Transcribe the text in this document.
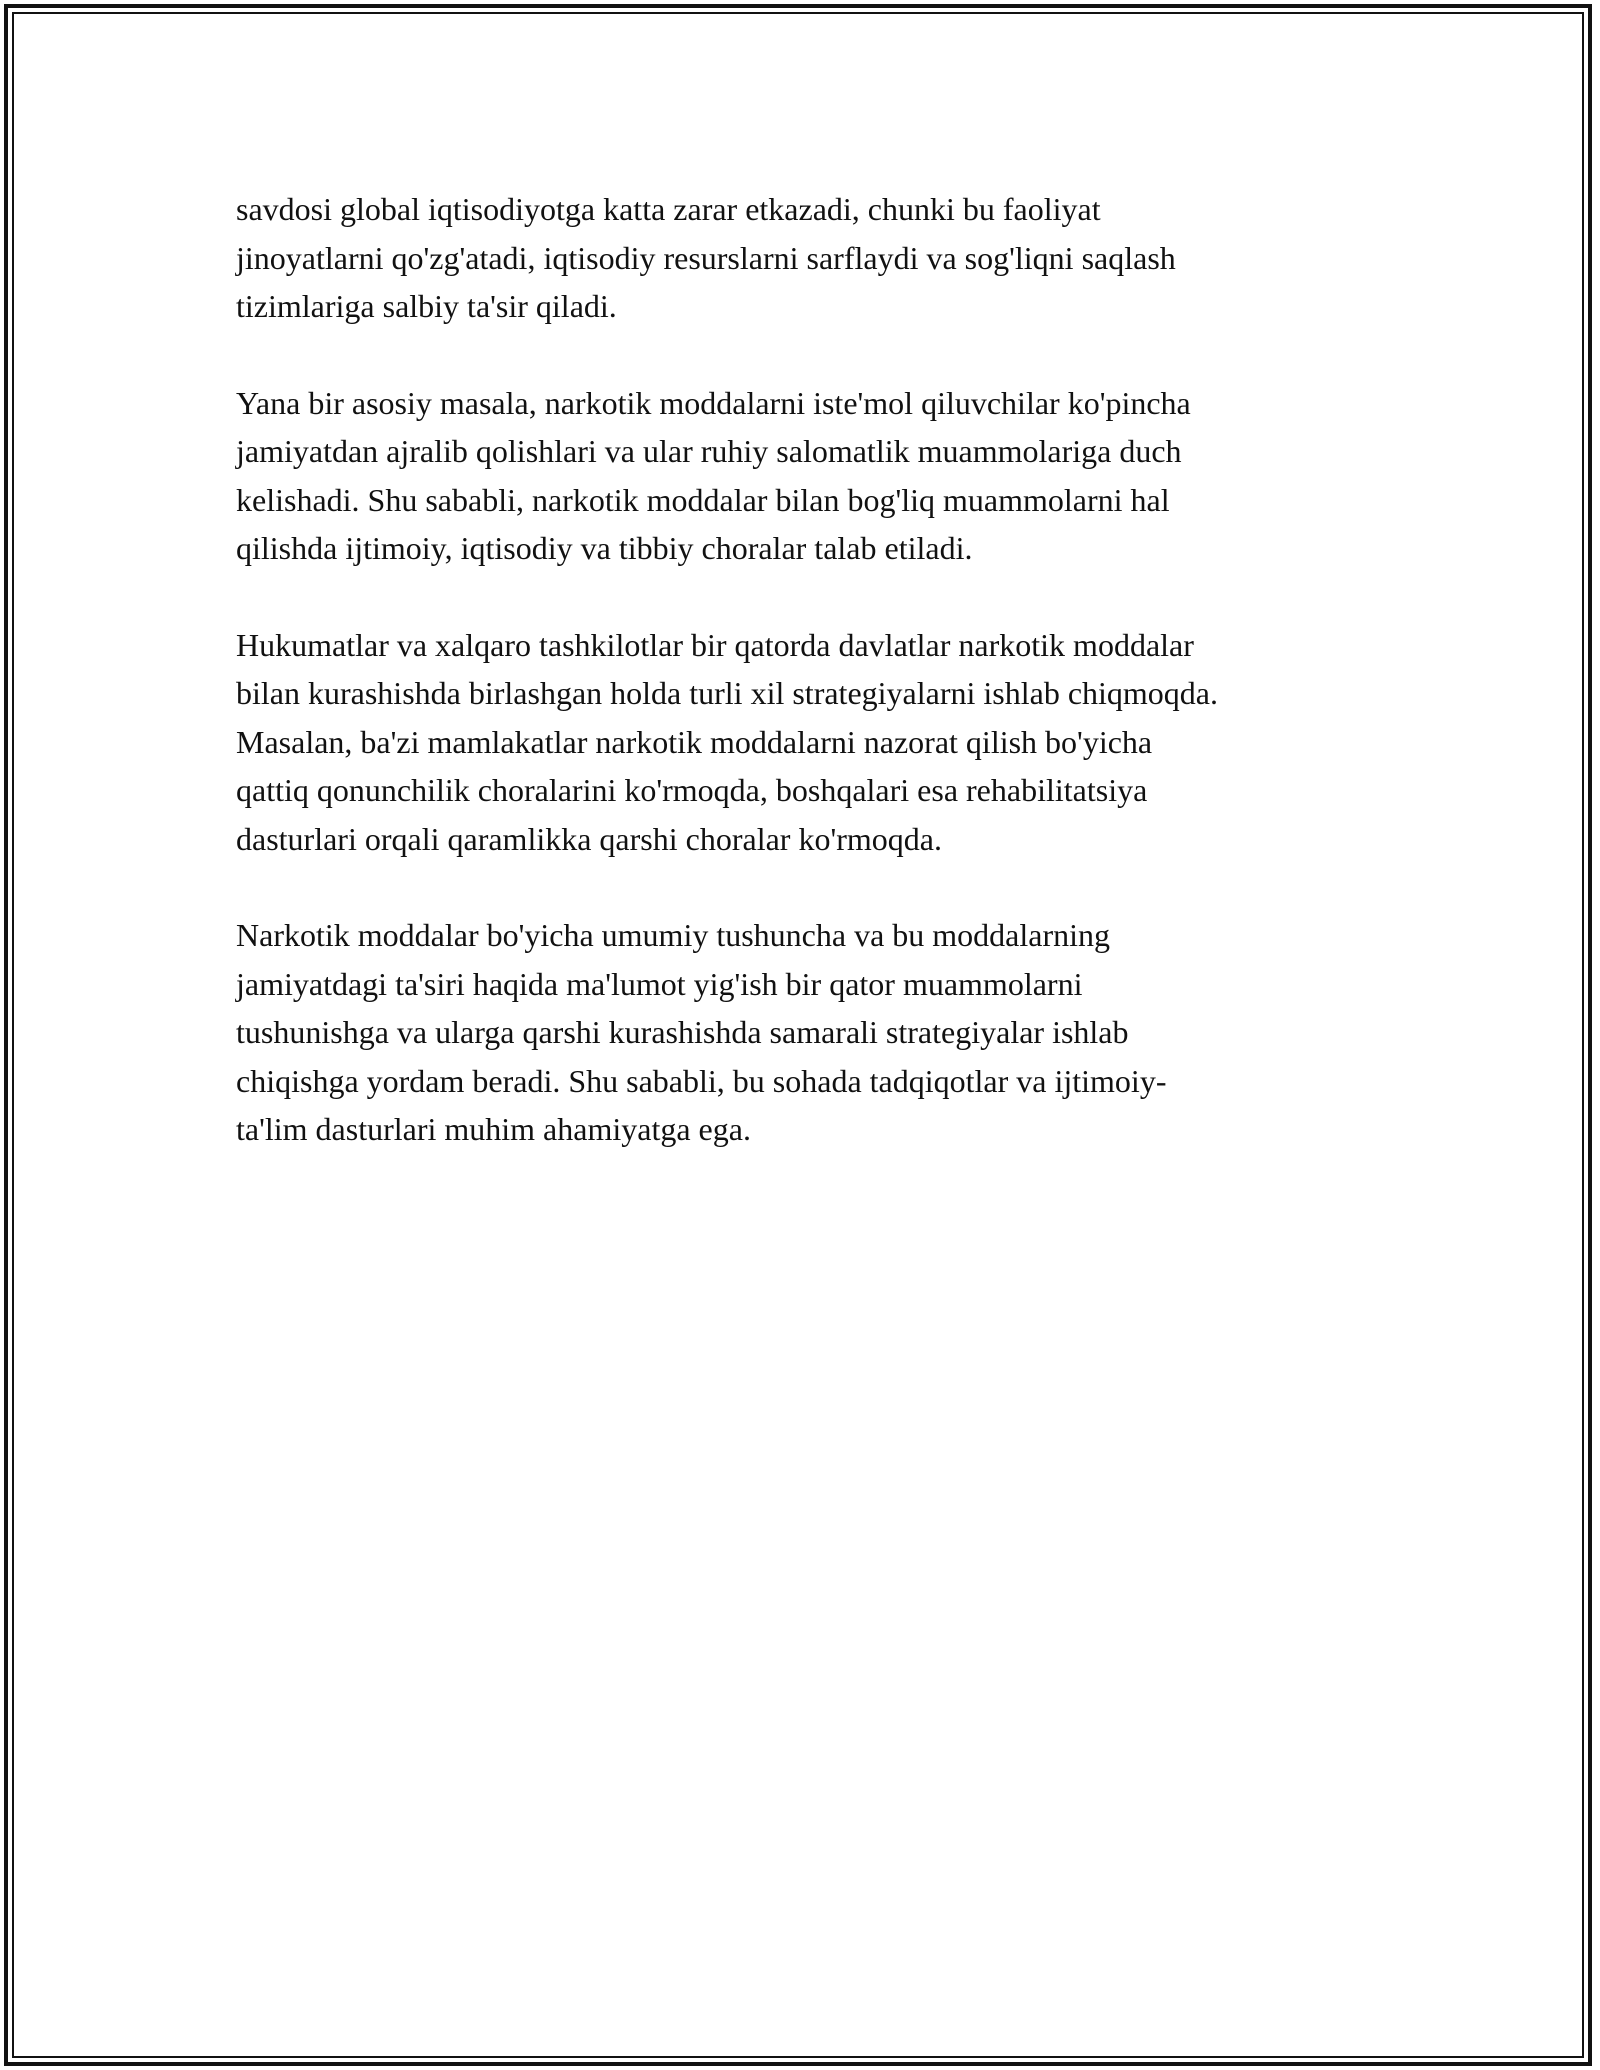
savdosi global iqtisodiyotga katta zarar etkazadi, chunki bu faoliyat
jinoyatlarni qo'zg'atadi, iqtisodiy resurslarni sarflaydi va sog'liqni saqlash
tizimlariga salbiy ta'sir qiladi.

Yana bir asosiy masala, narkotik moddalarni iste'mol qiluvchilar ko'pincha
jamiyatdan ajralib qolishlari va ular ruhiy salomatlik muammolariga duch
kelishadi. Shu sababli, narkotik moddalar bilan bog'liq muammolarni hal
qilishda ijtimoiy, iqtisodiy va tibbiy choralar talab etiladi.

Hukumatlar va xalqaro tashkilotlar bir qatorda davlatlar narkotik moddalar
bilan kurashishda birlashgan holda turli xil strategiyalarni ishlab chiqmoqda.
Masalan, ba'zi mamlakatlar narkotik moddalarni nazorat qilish bo'yicha
qattiq qonunchilik choralarini ko'rmoqda, boshqalari esa rehabilitatsiya
dasturlari orqali qaramlikka qarshi choralar ko'rmoqda.

Narkotik moddalar bo'yicha umumiy tushuncha va bu moddalarning
jamiyatdagi ta'siri haqida ma'lumot yig'ish bir qator muammolarni
tushunishga va ularga qarshi kurashishda samarali strategiyalar ishlab
chiqishga yordam beradi. Shu sababli, bu sohada tadqiqotlar va ijtimoiy-
ta'lim dasturlari muhim ahamiyatga ega.
